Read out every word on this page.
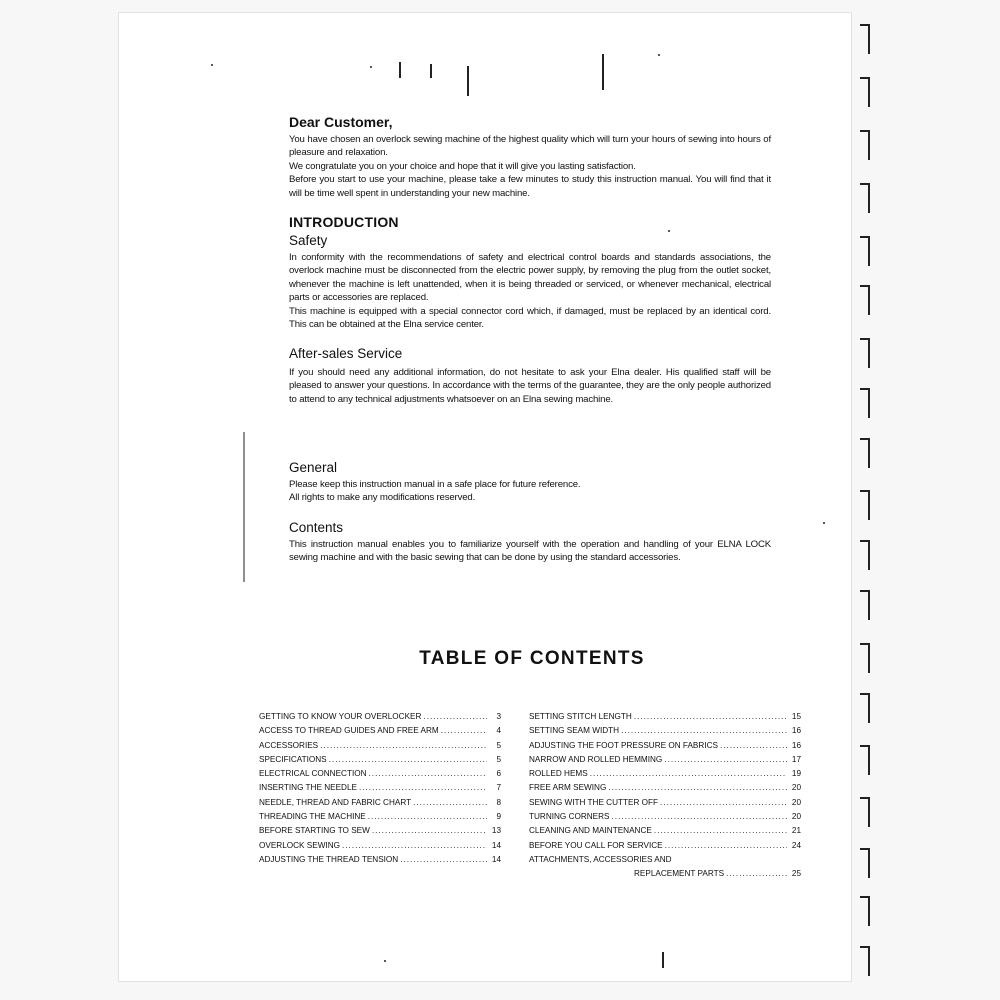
Dear Customer,

You have chosen an overlock sewing machine of the highest quality which will turn your hours of sewing into hours of pleasure and relaxation.

We congratulate you on your choice and hope that it will give you lasting satisfaction.

Before you start to use your machine, please take a few minutes to study this instruction manual. You will find that it will be time well spent in understanding your new machine.

INTRODUCTION
Safety

In conformity with the recommendations of safety and electrical control boards and standards associations, the overlock machine must be disconnected from the electric power supply, by removing the plug from the outlet socket, whenever the machine is left unattended, when it is being threaded or serviced, or whenever mechanical, electrical parts or accessories are replaced.

This machine is equipped with a special connector cord which, if damaged, must be replaced by an identical cord. This can be obtained at the Elna service center.

After-sales Service

If you should need any additional information, do not hesitate to ask your Elna dealer. His qualified staff will be pleased to answer your questions. In accordance with the terms of the guarantee, they are the only people authorized to attend to any technical adjustments whatsoever on an Elna sewing machine.

General

Please keep this instruction manual in a safe place for future reference.

All rights to make any modifications reserved.

Contents

This instruction manual enables you to familiarize yourself with the operation and handling of your ELNA LOCK sewing machine and with the basic sewing that can be done by using the standard accessories.

TABLE OF CONTENTS
GETTING TO KNOW YOUR OVERLOCKER .....	3
ACCESS TO THREAD GUIDES AND FREE ARM .....	4
ACCESSORIES .....	5
SPECIFICATIONS .....	5
ELECTRICAL CONNECTION .....	6
INSERTING THE NEEDLE .....	7
NEEDLE, THREAD AND FABRIC CHART .....	8
THREADING THE MACHINE .....	9
BEFORE STARTING TO SEW .....	13
OVERLOCK SEWING .....	14
ADJUSTING THE THREAD TENSION .....	14
SETTING STITCH LENGTH .....	15
SETTING SEAM WIDTH .....	16
ADJUSTING THE FOOT PRESSURE ON FABRICS .....	16
NARROW AND ROLLED HEMMING .....	17
ROLLED HEMS .....	19
FREE ARM SEWING .....	20
SEWING WITH THE CUTTER OFF .....	20
TURNING CORNERS .....	20
CLEANING AND MAINTENANCE .....	21
BEFORE YOU CALL FOR SERVICE .....	24
ATTACHMENTS, ACCESSORIES AND
REPLACEMENT PARTS .....	25
